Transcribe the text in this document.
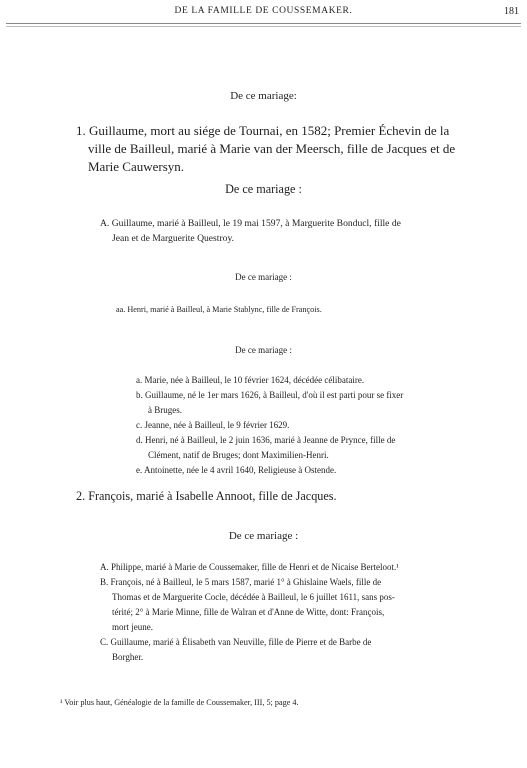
DE LA FAMILLE DE COUSSEMAKER.	181
De ce mariage:
1. Guillaume, mort au siége de Tournai, en 1582; Premier Échevin de la
ville de Bailleul, marié à Marie van der Meersch, fille de Jacques et de
Marie Cauwersyn.
De ce mariage :
A. Guillaume, marié à Bailleul, le 19 mai 1597, à Marguerite Bonducl, fille de
Jean et de Marguerite Questroy.
De ce mariage :
aa. Henri, marié à Bailleul, à Marie Stablync, fille de François.
De ce mariage :
a. Marie, née à Bailleul, le 10 février 1624, décédée célibataire.
b. Guillaume, né le 1er mars 1626, à Bailleul, d'où il est parti pour se fixer
à Bruges.
c. Jeanne, née à Bailleul, le 9 février 1629.
d. Henri, né à Bailleul, le 2 juin 1636, marié à Jeanne de Prynce, fille de
Clément, natif de Bruges; dont Maximilien-Henri.
e. Antoinette, née le 4 avril 1640, Religieuse à Ostende.
2. François, marié à Isabelle Annoot, fille de Jacques.
De ce mariage :
A. Philippe, marié à Marie de Coussemaker, fille de Henri et de Nicaise Berteloot.¹
B. François, né à Bailleul, le 5 mars 1587, marié 1° à Ghislaine Waels, fille de
Thomas et de Marguerite Cocle, décédée à Bailleul, le 6 juillet 1611, sans pos-
térité; 2° à Marie Minne, fille de Walran et d'Anne de Witte, dont: François,
mort jeune.
C. Guillaume, marié à Élisabeth van Neuville, fille de Pierre et de Barbe de
Borgher.
¹ Voir plus haut, Généalogie de la famille de Coussemaker, III, 5; page 4.
